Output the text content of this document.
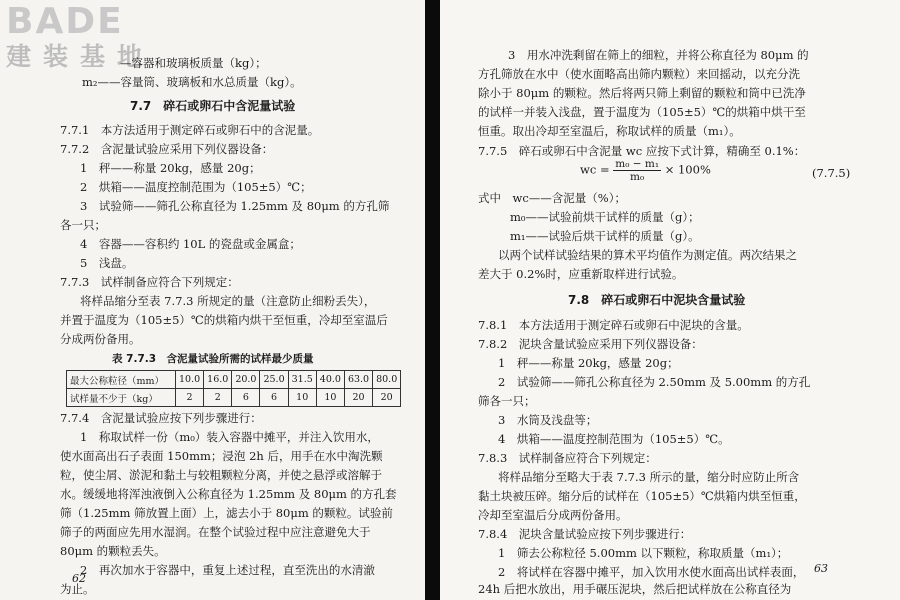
BADE
建装基地
—容器和玻璃板质量（kg）；
m₂——容量筒、玻璃板和水总质量（kg）。
7.7　碎石或卵石中含泥量试验
7.7.1　本方法适用于测定碎石或卵石中的含泥量。
7.7.2　含泥量试验应采用下列仪器设备：
1　秤——称量 20kg，感量 20g；
2　烘箱——温度控制范围为（105±5）℃；
3　试验筛——筛孔公称直径为 1.25mm 及 80μm 的方孔筛
各一只；
4　容器——容积约 10L 的瓷盘或金属盒；
5　浅盘。
7.7.3　试样制备应符合下列规定：
将样品缩分至表 7.7.3 所规定的量（注意防止细粉丢失），
并置于温度为（105±5）℃的烘箱内烘干至恒重，冷却至室温后
分成两份备用。
表 7.7.3　含泥量试验所需的试样最少质量
最大公称粒径（mm）	10.0	16.0	20.0	25.0	31.5	40.0	63.0	80.0
试样量不少于（kg）	2	2	6	6	10	10	20	20
7.7.4　含泥量试验应按下列步骤进行：
1　称取试样一份（m₀）装入容器中摊平，并注入饮用水，
使水面高出石子表面 150mm；浸泡 2h 后，用手在水中淘洗颗
粒，使尘屑、淤泥和黏土与较粗颗粒分离，并使之悬浮或溶解于
水。缓缓地将浑浊液倒入公称直径为 1.25mm 及 80μm 的方孔套
筛（1.25mm 筛放置上面）上，滤去小于 80μm 的颗粒。试验前
筛子的两面应先用水湿润。在整个试验过程中应注意避免大于
80μm 的颗粒丢失。
2　再次加水于容器中，重复上述过程，直至洗出的水清澈
为止。
62
3　用水冲洗剩留在筛上的细粒，并将公称直径为 80μm 的
方孔筛放在水中（使水面略高出筛内颗粒）来回摇动，以充分洗
除小于 80μm 的颗粒。然后将两只筛上剩留的颗粒和筒中已洗净
的试样一并装入浅盘，置于温度为（105±5）℃的烘箱中烘干至
恒重。取出冷却至室温后，称取试样的质量（m₁）。
7.7.5　碎石或卵石中含泥量 wc 应按下式计算，精确至 0.1%：
wc = $\frac{\text{m₀ − m₁}}{\text{m₀}} \times 100\%$	(7.7.5)
式中　wc——含泥量（%）；
m₀——试验前烘干试样的质量（g）；
m₁——试验后烘干试样的质量（g）。
以两个试样试验结果的算术平均值作为测定值。两次结果之
差大于 0.2%时，应重新取样进行试验。
7.8　碎石或卵石中泥块含量试验
7.8.1　本方法适用于测定碎石或卵石中泥块的含量。
7.8.2　泥块含量试验应采用下列仪器设备：
1　秤——称量 20kg，感量 20g；
2　试验筛——筛孔公称直径为 2.50mm 及 5.00mm 的方孔
筛各一只；
3　水筒及浅盘等；
4　烘箱——温度控制范围为（105±5）℃。
7.8.3　试样制备应符合下列规定：
将样品缩分至略大于表 7.7.3 所示的量，缩分时应防止所含
黏土块被压碎。缩分后的试样在（105±5）℃烘箱内烘至恒重，
冷却至室温后分成两份备用。
7.8.4　泥块含量试验应按下列步骤进行：
1　筛去公称粒径 5.00mm 以下颗粒，称取质量（m₁）；
2　将试样在容器中摊平，加入饮用水使水面高出试样表面，
24h 后把水放出，用手碾压泥块，然后把试样放在公称直径为
63
